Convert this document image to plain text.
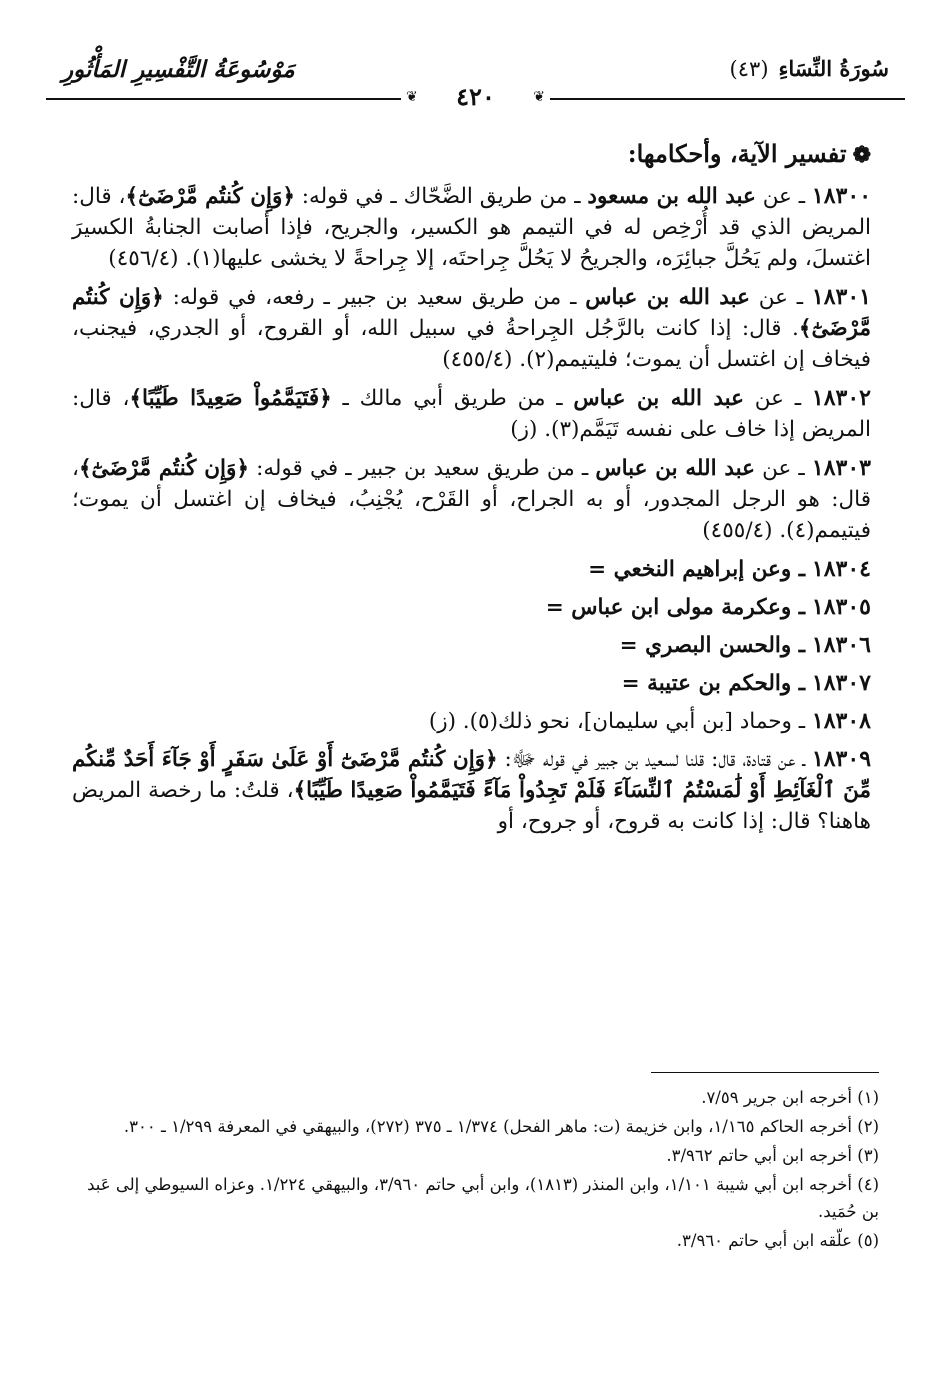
سُورَةُ النِّسَاءِ(٤٣)
مَوْسُوعَةُ التَّفْسِيرِ المَأْثُورِ
❦
❦	٤٢٠
❁تفسير الآية، وأحكامها:
١٨٣٠٠ ـ عن عبد الله بن مسعود ـ من طريق الضَّحّاك ـ في قوله: ﴿وَإِن كُنتُم مَّرْضَىٰٓ﴾، قال: المريض الذي قد أُرْخِص له في التيمم هو الكسير، والجريح، فإذا أصابت الجنابةُ الكسيرَ اغتسلَ، ولم يَحُلَّ جبائِرَه، والجريحُ لا يَحُلَّ جِراحتَه، إلا جِراحةً لا يخشى عليها(١). (٤٥٦/٤)
١٨٣٠١ ـ عن عبد الله بن عباس ـ من طريق سعيد بن جبير ـ رفعه، في قوله: ﴿وَإِن كُنتُم مَّرْضَىٰٓ﴾. قال: إذا كانت بالرَّجُل الجِراحةُ في سبيل الله، أو القروح، أو الجدري، فيجنب، فيخاف إن اغتسل أن يموت؛ فليتيمم(٢). (٤٥٥/٤)
١٨٣٠٢ ـ عن عبد الله بن عباس ـ من طريق أبي مالك ـ ﴿فَتَيَمَّمُواْ صَعِيدًا طَيِّبًا﴾، قال: المريض إذا خاف على نفسه تَيَمَّم(٣). (ز)
١٨٣٠٣ ـ عن عبد الله بن عباس ـ من طريق سعيد بن جبير ـ في قوله: ﴿وَإِن كُنتُم مَّرْضَىٰٓ﴾، قال: هو الرجل المجدور، أو به الجراح، أو القَرْح، يُجْنِبُ، فيخاف إن اغتسل أن يموت؛ فيتيمم(٤). (٤٥٥/٤)
١٨٣٠٤ ـ وعن إبراهيم النخعي =
١٨٣٠٥ ـ وعكرمة مولى ابن عباس =
١٨٣٠٦ ـ والحسن البصري =
١٨٣٠٧ ـ والحكم بن عتيبة =
١٨٣٠٨ ـ وحماد [بن أبي سليمان]، نحو ذلك(٥). (ز)
١٨٣٠٩ ـ عن قتادة، قال: قلنا لسعيد بن جبير في قوله ﷻ: ﴿وَإِن كُنتُم مَّرْضَىٰٓ أَوْ عَلَىٰ سَفَرٍ أَوْ جَآءَ أَحَدٌ مِّنكُم مِّنَ ٱلْغَآئِطِ أَوْ لَٰمَسْتُمُ ٱلنِّسَآءَ فَلَمْ تَجِدُواْ مَآءً فَتَيَمَّمُواْ صَعِيدًا طَيِّبًا﴾، قلتُ: ما رخصة المريض هاهنا؟ قال: إذا كانت به قروح، أو جروح، أو
(١) أخرجه ابن جرير ٧/٥٩.
(٢) أخرجه الحاكم ١/١٦٥، وابن خزيمة (ت: ماهر الفحل) ١/٣٧٤ ـ ٣٧٥ (٢٧٢)، والبيهقي في المعرفة ١/٢٩٩ ـ ٣٠٠.
(٣) أخرجه ابن أبي حاتم ٣/٩٦٢.
(٤) أخرجه ابن أبي شيبة ١/١٠١، وابن المنذر (١٨١٣)، وابن أبي حاتم ٣/٩٦٠، والبيهقي ١/٢٢٤. وعزاه السيوطي إلى عَبد بن حُمَيد.
(٥) علّقه ابن أبي حاتم ٣/٩٦٠.
